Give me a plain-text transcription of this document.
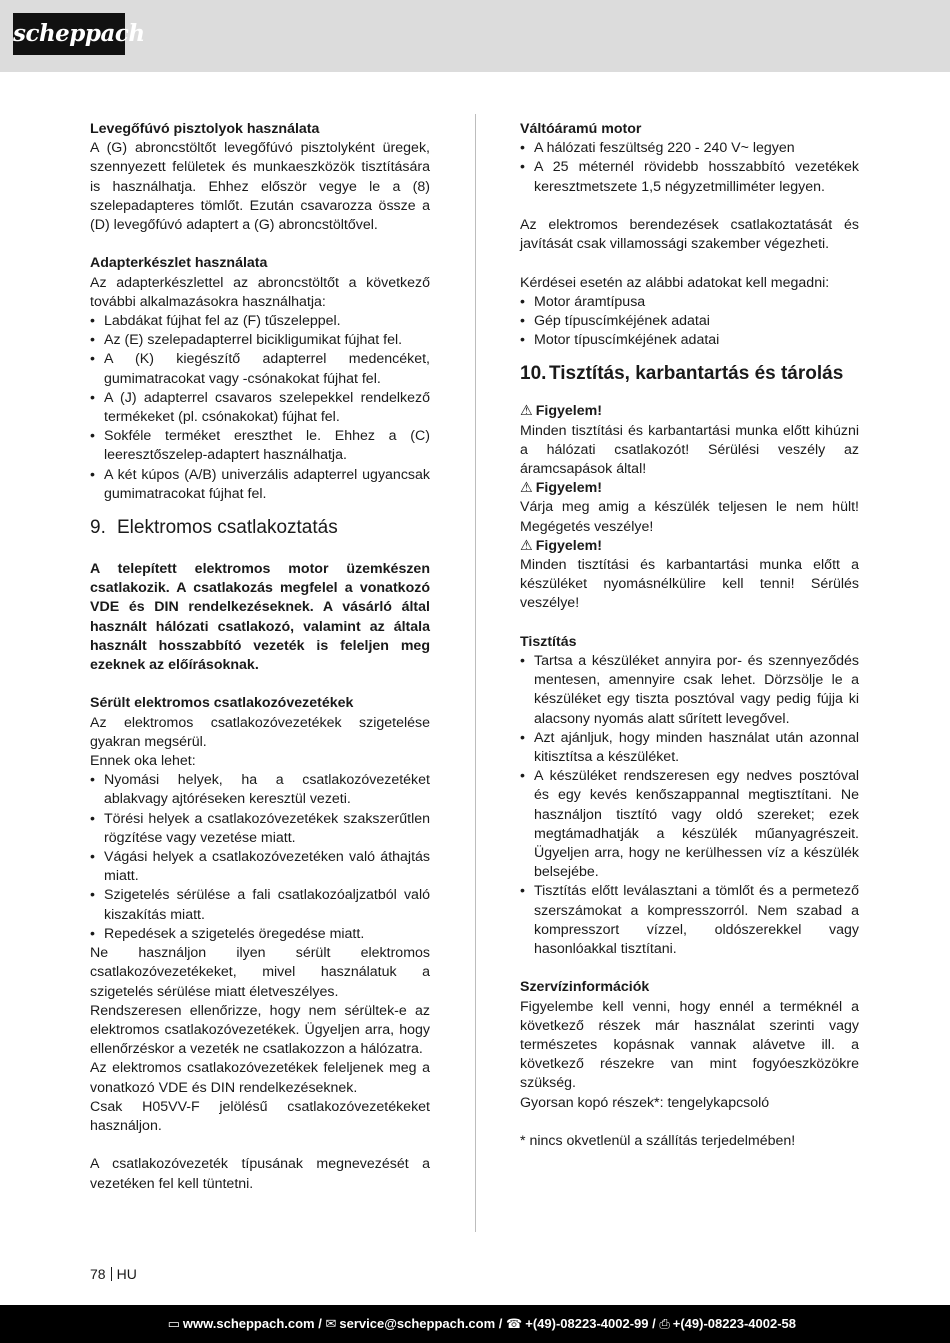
scheppach
Levegőfúvó pisztolyok használata

A (G) abroncstöltőt levegőfúvó pisztolyként üregek, szennyezett felületek és munkaeszközök tisztítására is használhatja. Ehhez először vegye le a (8) szelepadapteres tömlőt. Ezután csavarozza össze a (D) levegőfúvó adaptert a (G) abroncstöltővel.

Adapterkészlet használata

Az adapterkészlettel az abroncstöltőt a következő további alkalmazásokra használhatja:

• Labdákat fújhat fel az (F) tűszeleppel.
• Az (E) szelepadapterrel bicikligumikat fújhat fel.
• A (K) kiegészítő adapterrel medencéket, gumimatracokat vagy -csónakokat fújhat fel.
• A (J) adapterrel csavaros szelepekkel rendelkező termékeket (pl. csónakokat) fújhat fel.
• Sokféle terméket ereszthet le. Ehhez a (C) leeresztőszelep-adaptert használhatja.
• A két kúpos (A/B) univerzális adapterrel ugyancsak gumimatracokat fújhat fel.
9. Elektromos csatlakoztatás

A telepített elektromos motor üzemkészen csatlakozik. A csatlakozás megfelel a vonatkozó VDE és DIN rendelkezéseknek. A vásárló által használt hálózati csatlakozó, valamint az általa használt hosszabbító vezeték is feleljen meg ezeknek az előírásoknak.

Sérült elektromos csatlakozóvezetékek

Az elektromos csatlakozóvezetékek szigetelése gyakran megsérül.

Ennek oka lehet:

• Nyomási helyek, ha a csatlakozóvezetéket ablakvagy ajtóréseken keresztül vezeti.
• Törési helyek a csatlakozóvezetékek szakszerűtlen rögzítése vagy vezetése miatt.
• Vágási helyek a csatlakozóvezetéken való áthajtás miatt.
• Szigetelés sérülése a fali csatlakozóaljzatból való kiszakítás miatt.
• Repedések a szigetelés öregedése miatt.

Ne használjon ilyen sérült elektromos csatlakozóvezetékeket, mivel használatuk a szigetelés sérülése miatt életveszélyes.

Rendszeresen ellenőrizze, hogy nem sérültek-e az elektromos csatlakozóvezetékek. Ügyeljen arra, hogy ellenőrzéskor a vezeték ne csatlakozzon a hálózatra.

Az elektromos csatlakozóvezetékek feleljenek meg a vonatkozó VDE és DIN rendelkezéseknek.

Csak H05VV-F jelölésű csatlakozóvezetékeket használjon.

A csatlakozóvezeték típusának megnevezését a vezetéken fel kell tüntetni.

Váltóáramú motor
• A hálózati feszültség 220 - 240 V~ legyen
• A 25 méternél rövidebb hosszabbító vezetékek keresztmetszete 1,5 négyzetmilliméter legyen.

Az elektromos berendezések csatlakoztatását és javítását csak villamossági szakember végezheti.

Kérdései esetén az alábbi adatokat kell megadni:

• Motor áramtípusa
• Gép típuscímkéjének adatai
• Motor típuscímkéjének adatai
10. Tisztítás, karbantartás és tárolás
⚠ Figyelem!

Minden tisztítási és karbantartási munka előtt kihúzni a hálózati csatlakozót! Sérülési veszély az áramcsapások által!

⚠ Figyelem!

Várja meg amig a készülék teljesen le nem hült! Megégetés veszélye!

⚠ Figyelem!

Minden tisztítási és karbantartási munka előtt a készüléket nyomásnélkülire kell tenni! Sérülés veszélye!

Tisztítás
• Tartsa a készüléket annyira por- és szennyeződés mentesen, amennyire csak lehet. Dörzsölje le a készüléket egy tiszta posztóval vagy pedig fújja ki alacsony nyomás alatt sűrített levegővel.
• Azt ajánljuk, hogy minden használat után azonnal kitisztítsa a készüléket.
• A készüléket rendszeresen egy nedves posztóval és egy kevés kenőszappannal megtisztítani. Ne használjon tisztító vagy oldó szereket; ezek megtámadhatják a készülék műanyagrészeit. Ügyeljen arra, hogy ne kerülhessen víz a készülék belsejébe.
• Tisztítás előtt leválasztani a tömlőt és a permetező szerszámokat a kompresszorról. Nem szabad a kompresszort vízzel, oldószerekkel vagy hasonlóakkal tisztítani.
Szervízinformációk

Figyelembe kell venni, hogy ennél a terméknél a következő részek már használat szerinti vagy természetes kopásnak vannak alávetve ill. a következő részekre van mint fogyóeszközökre szükség.

Gyorsan kopó részek*: tengelykapcsoló

* nincs okvetlenül a szállítás terjedelmében!

78 HU
▭ www.scheppach.com / ✉ service@scheppach.com / ☎ +(49)-08223-4002-99 / ⎙ +(49)-08223-4002-58
